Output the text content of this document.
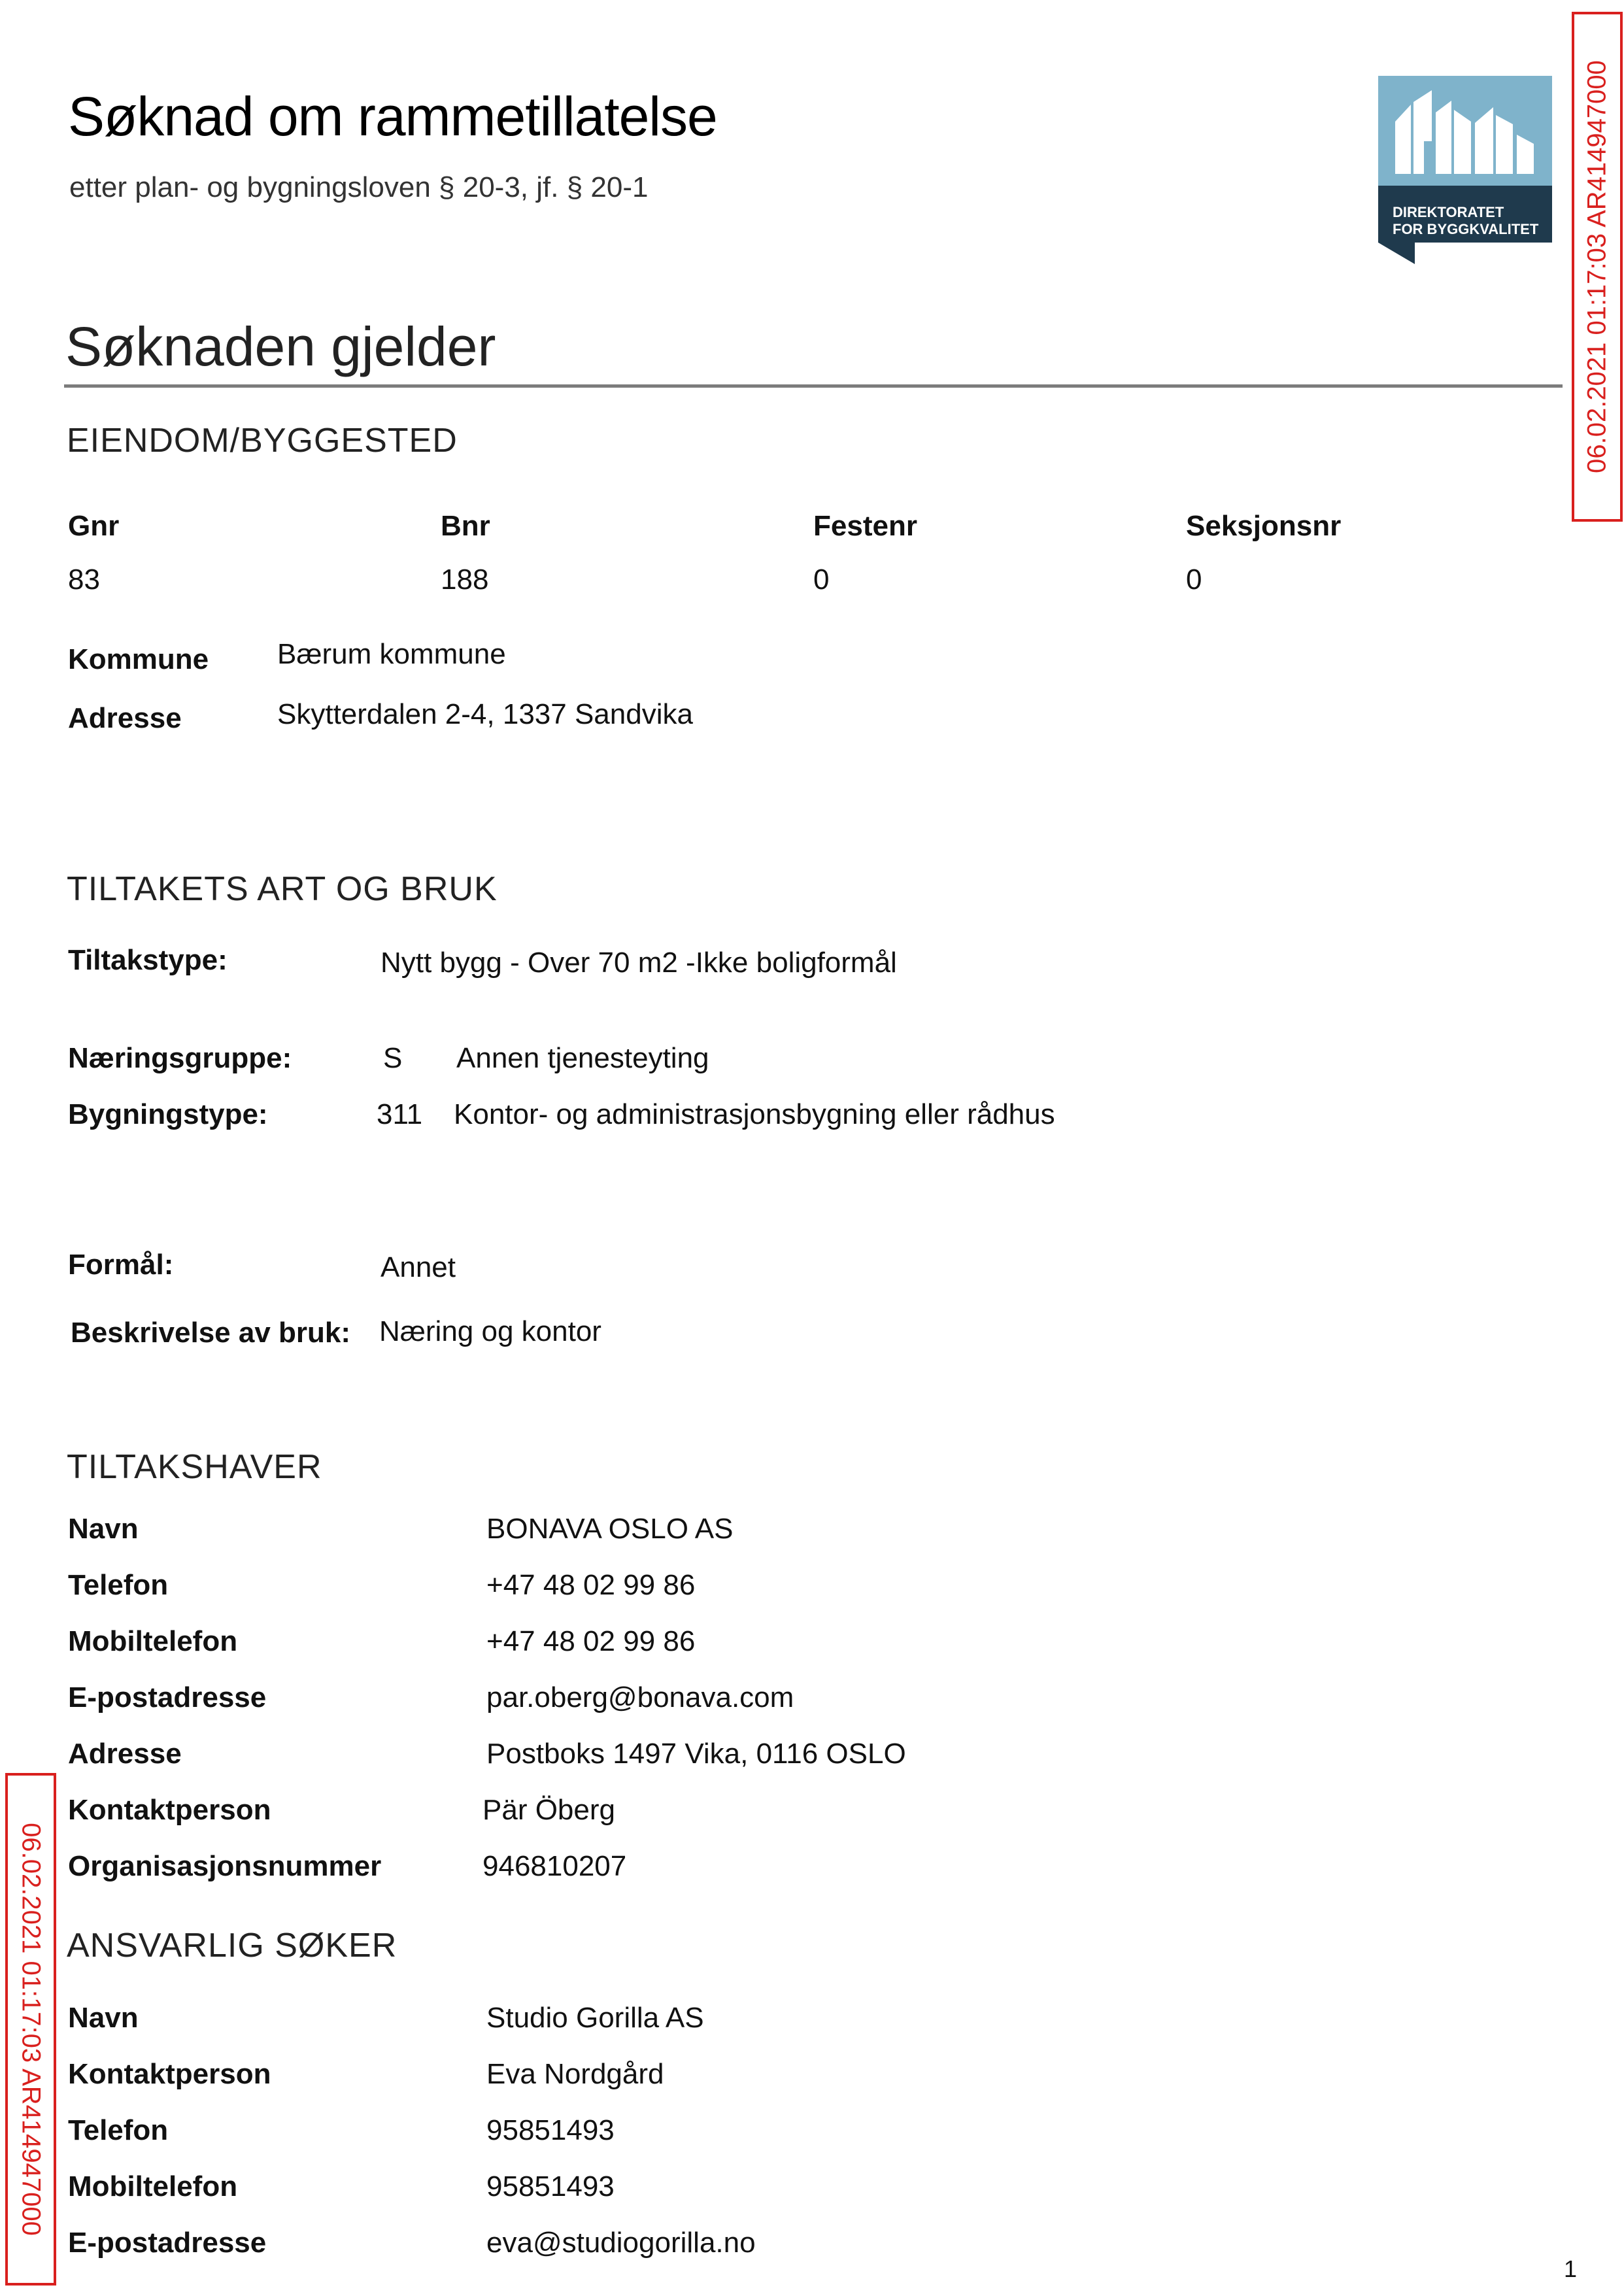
Søknad om rammetillatelse
etter plan- og bygningsloven § 20-3, jf. § 20-1
DIREKTORATET
FOR BYGGKVALITET 06.02.2021 01:17:03 AR414947000
06.02.2021 01:17:03 AR414947000
Søknaden gjelder
EIENDOM/BYGGESTED
Gnr	Bnr	Festenr	Seksjonsnr
83	188	0	0
Kommune Bærum kommune
Adresse	Skytterdalen 2-4, 1337 Sandvika
TILTAKETS ART OG BRUK
Tiltakstype:	Nytt bygg - Over 70 m2 -Ikke boligformål
Næringsgruppe:	S Annen tjenesteyting
Bygningstype:	311 Kontor- og administrasjonsbygning eller rådhus
Formål:	Annet
Beskrivelse av bruk: Næring og kontor
TILTAKSHAVER
Navn	BONAVA OSLO AS
Telefon	+47 48 02 99 86
Mobiltelefon	+47 48 02 99 86
E-postadresse	par.oberg@bonava.com
Adresse	Postboks 1497 Vika, 0116 OSLO
Kontaktperson	Pär Öberg
Organisasjonsnummer	946810207
ANSVARLIG SØKER
Navn	Studio Gorilla AS
Kontaktperson	Eva Nordgård
Telefon	95851493
Mobiltelefon	95851493
E-postadresse	eva@studiogorilla.no
1
